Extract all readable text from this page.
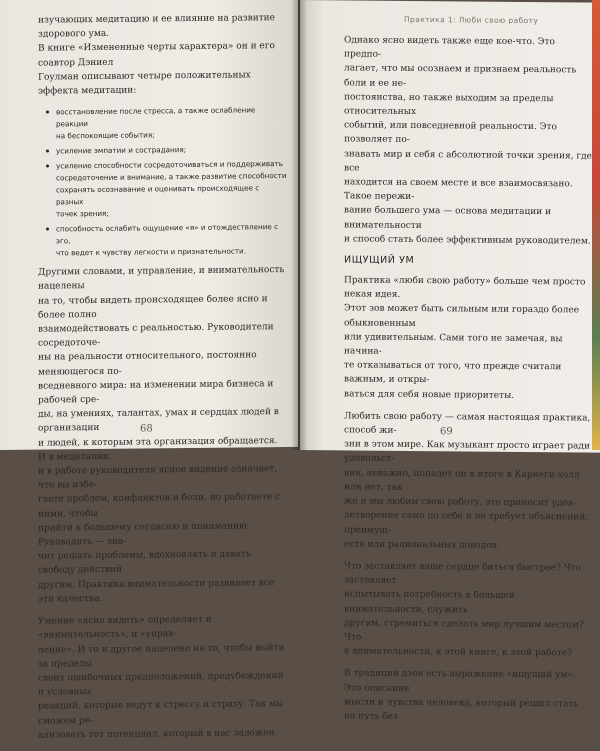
изучающих медитацию и ее влияние на развитие здорового ума.
В книге «Измененные черты характера» он и его соавтор Дэниел
Гоулман описывают четыре положительных эффекта медитации:

восстановление после стресса, а также ослабление реакции
на беспокоящие события;
усиление эмпатии и сострадания;
усиление способности сосредоточиваться и поддерживать
сосредоточение и внимание, а также развитие способности
сохранять осознавание и оценивать происходящее с разных
точек зрения;
способность ослабить ощущение «я» и отождествление с эго,
что ведет к чувству легкости и признательности.

Другими словами, и управление, и внимательность нацелены
на то, чтобы видеть происходящее более ясно и более полно
взаимодействовать с реальностью. Руководители сосредоточе-
ны на реальности относительного, постоянно меняющегося по-
вседневного мира: на изменении мира бизнеса и рабочей сре-
ды, на умениях, талантах, умах и сердцах людей в организации
и людей, к которым эта организация обращается. И в медитации,
и в работе руководителя ясное видение означает, что вы избе-
гаете проблем, конфликтов и боли, но работаете с ними, чтобы
прийти к большему согласию и пониманию. Руководить — зна-
чит решать проблемы, вдохновлять и давать свободу действий
другим. Практика внимательности развивает все эти качества.

Умение «ясно видеть» определяет и «внимательность», и «управ-
ление». И то и другое нацелено на то, чтобы выйти за пределы
своих ошибочных предположений, предубеждений и условных
реакций, которые ведут к стрессу и страху. Так мы сможем ре-
ализовать тот потенциал, который в нас заложен.

68
Практика 1: Люби свою работу

Однако ясно видеть также еще кое-что. Это предпо-
лагает, что мы осознаем и признаем реальность боли и ее не-
постоянства, но также выходим за пределы относительных
событий, или повседневной реальности. Это позволяет по-
знавать мир и себя с абсолютной точки зрения, где все
находится на своем месте и все взаимосвязано. Такое пережи-
вание большего ума — основа медитации и внимательности
и способ стать более эффективным руководителем.

ИЩУЩИЙ УМ

Практика «люби свою работу» больше чем просто некая идея.
Этот зов может быть сильным или гораздо более обыкновенным
или удивительным. Сами того не замечая, вы начина-
те отказываться от того, что прежде считали важным, и откры-
ваться для себя новые приоритеты.

Любить свою работу — самая настоящая практика, способ жи-
зни в этом мире. Как музыкант просто играет ради удовольст-
вия, неважно, попадет он в итоге в Карнеги-холл или нет, так
же и мы любим свою работу, это приносит удов-
летворение само по себе и не требует объяснений, преимущ-
еств или рациональных доводов.

Что заставляет ваше сердце биться быстрее? Что заставляет
испытывать потребность в большей внимательности, служить
другим, стремиться сделать мир лучшим местом? Что
к внимательности, к этой книге, к этой работе?

В традиции дзен есть выражение «ищущий ум». Это описание
мысли и чувства человека, который решил стать на путь без

69
